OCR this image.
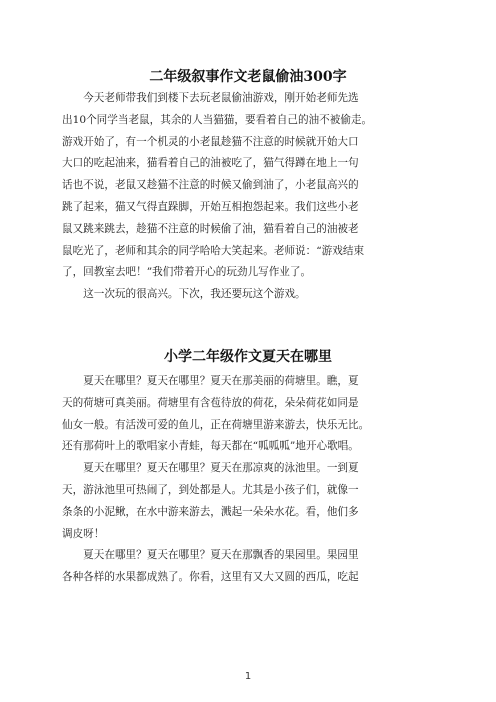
二年级叙事作文老鼠偷油300字
　　今天老师带我们到楼下去玩老鼠偷油游戏，刚开始老师先选
出10个同学当老鼠，其余的人当猫猫，要看着自己的油不被偷走。
游戏开始了，有一个机灵的小老鼠趁猫不注意的时候就开始大口
大口的吃起油来，猫看着自己的油被吃了，猫气得蹲在地上一句
话也不说，老鼠又趁猫不注意的时候又偷到油了，小老鼠高兴的
跳了起来，猫又气得直跺脚，开始互相抱怨起来。我们这些小老
鼠又跳来跳去，趁猫不注意的时候偷了油，猫看着自己的油被老
鼠吃光了，老师和其余的同学哈哈大笑起来。老师说：“游戏结束
了，回教室去吧！”我们带着开心的玩劲儿写作业了。
　　这一次玩的很高兴。下次，我还要玩这个游戏。
小学二年级作文夏天在哪里
　　夏天在哪里？夏天在哪里？夏天在那美丽的荷塘里。瞧，夏
天的荷塘可真美丽。荷塘里有含苞待放的荷花，朵朵荷花如同是
仙女一般。有活泼可爱的鱼儿，正在荷塘里游来游去，快乐无比。
还有那荷叶上的歌唱家小青蛙，每天都在“呱呱呱”地开心歌唱。
　　夏天在哪里？夏天在哪里？夏天在那凉爽的泳池里。一到夏
天，游泳池里可热闹了，到处都是人。尤其是小孩子们，就像一
条条的小泥鳅，在水中游来游去，溅起一朵朵水花。看，他们多
调皮呀！
　　夏天在哪里？夏天在哪里？夏天在那飘香的果园里。果园里
各种各样的水果都成熟了。你看，这里有又大又圆的西瓜，吃起
1
